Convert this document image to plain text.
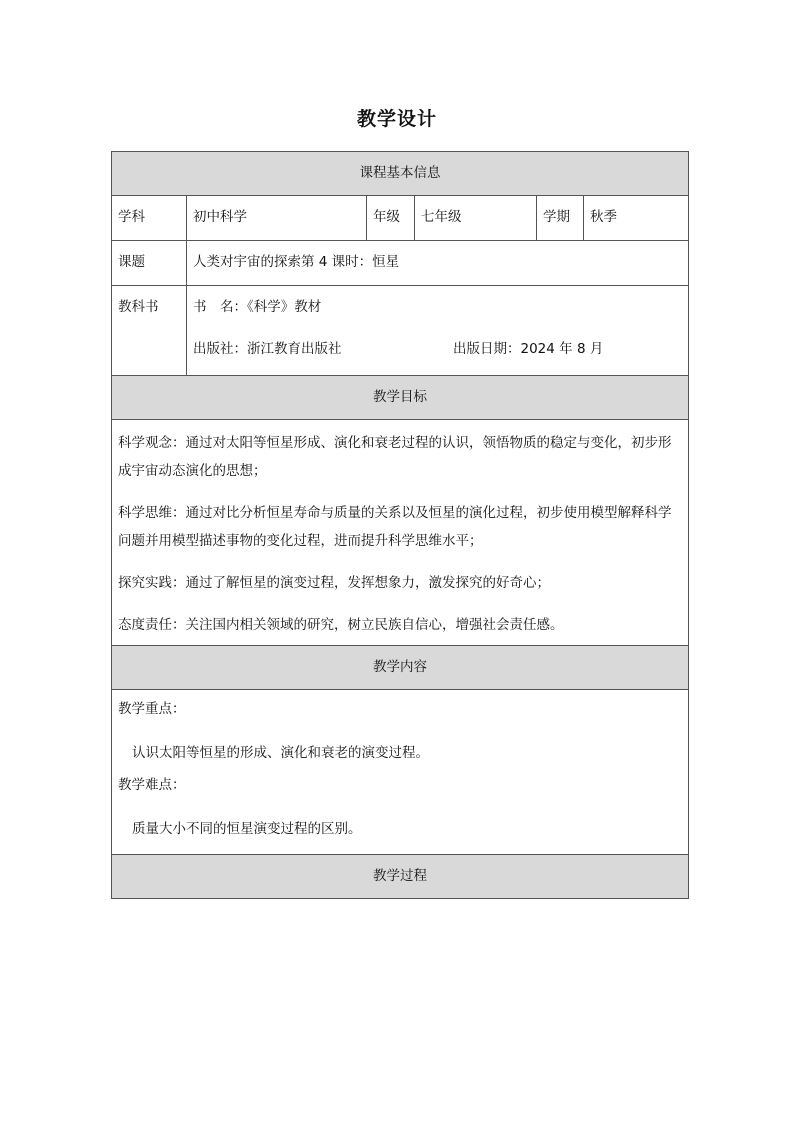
教学设计
课程基本信息					
学科	初中科学	年级	七年级	学期	秋季
课题	人类对宇宙的探索第 4 课时：恒星				
教科书	书　名：《科学》教材
出版社：浙江教育出版社 出版日期：2024 年 8 月				

教学目标					

科学观念：通过对太阳等恒星形成、演化和衰老过程的认识，领悟物质的稳定与变化，初步形成宇宙动态演化的思想；
科学思维：通过对比分析恒星寿命与质量的关系以及恒星的演化过程，初步使用模型解释科学问题并用模型描述事物的变化过程，进而提升科学思维水平；
探究实践：通过了解恒星的演变过程，发挥想象力，激发探究的好奇心；
态度责任：关注国内相关领域的研究，树立民族自信心，增强社会责任感。					

教学内容					

教学重点：
认识太阳等恒星的形成、演化和衰老的演变过程。
教学难点：
质量大小不同的恒星演变过程的区别。					

教学过程					
